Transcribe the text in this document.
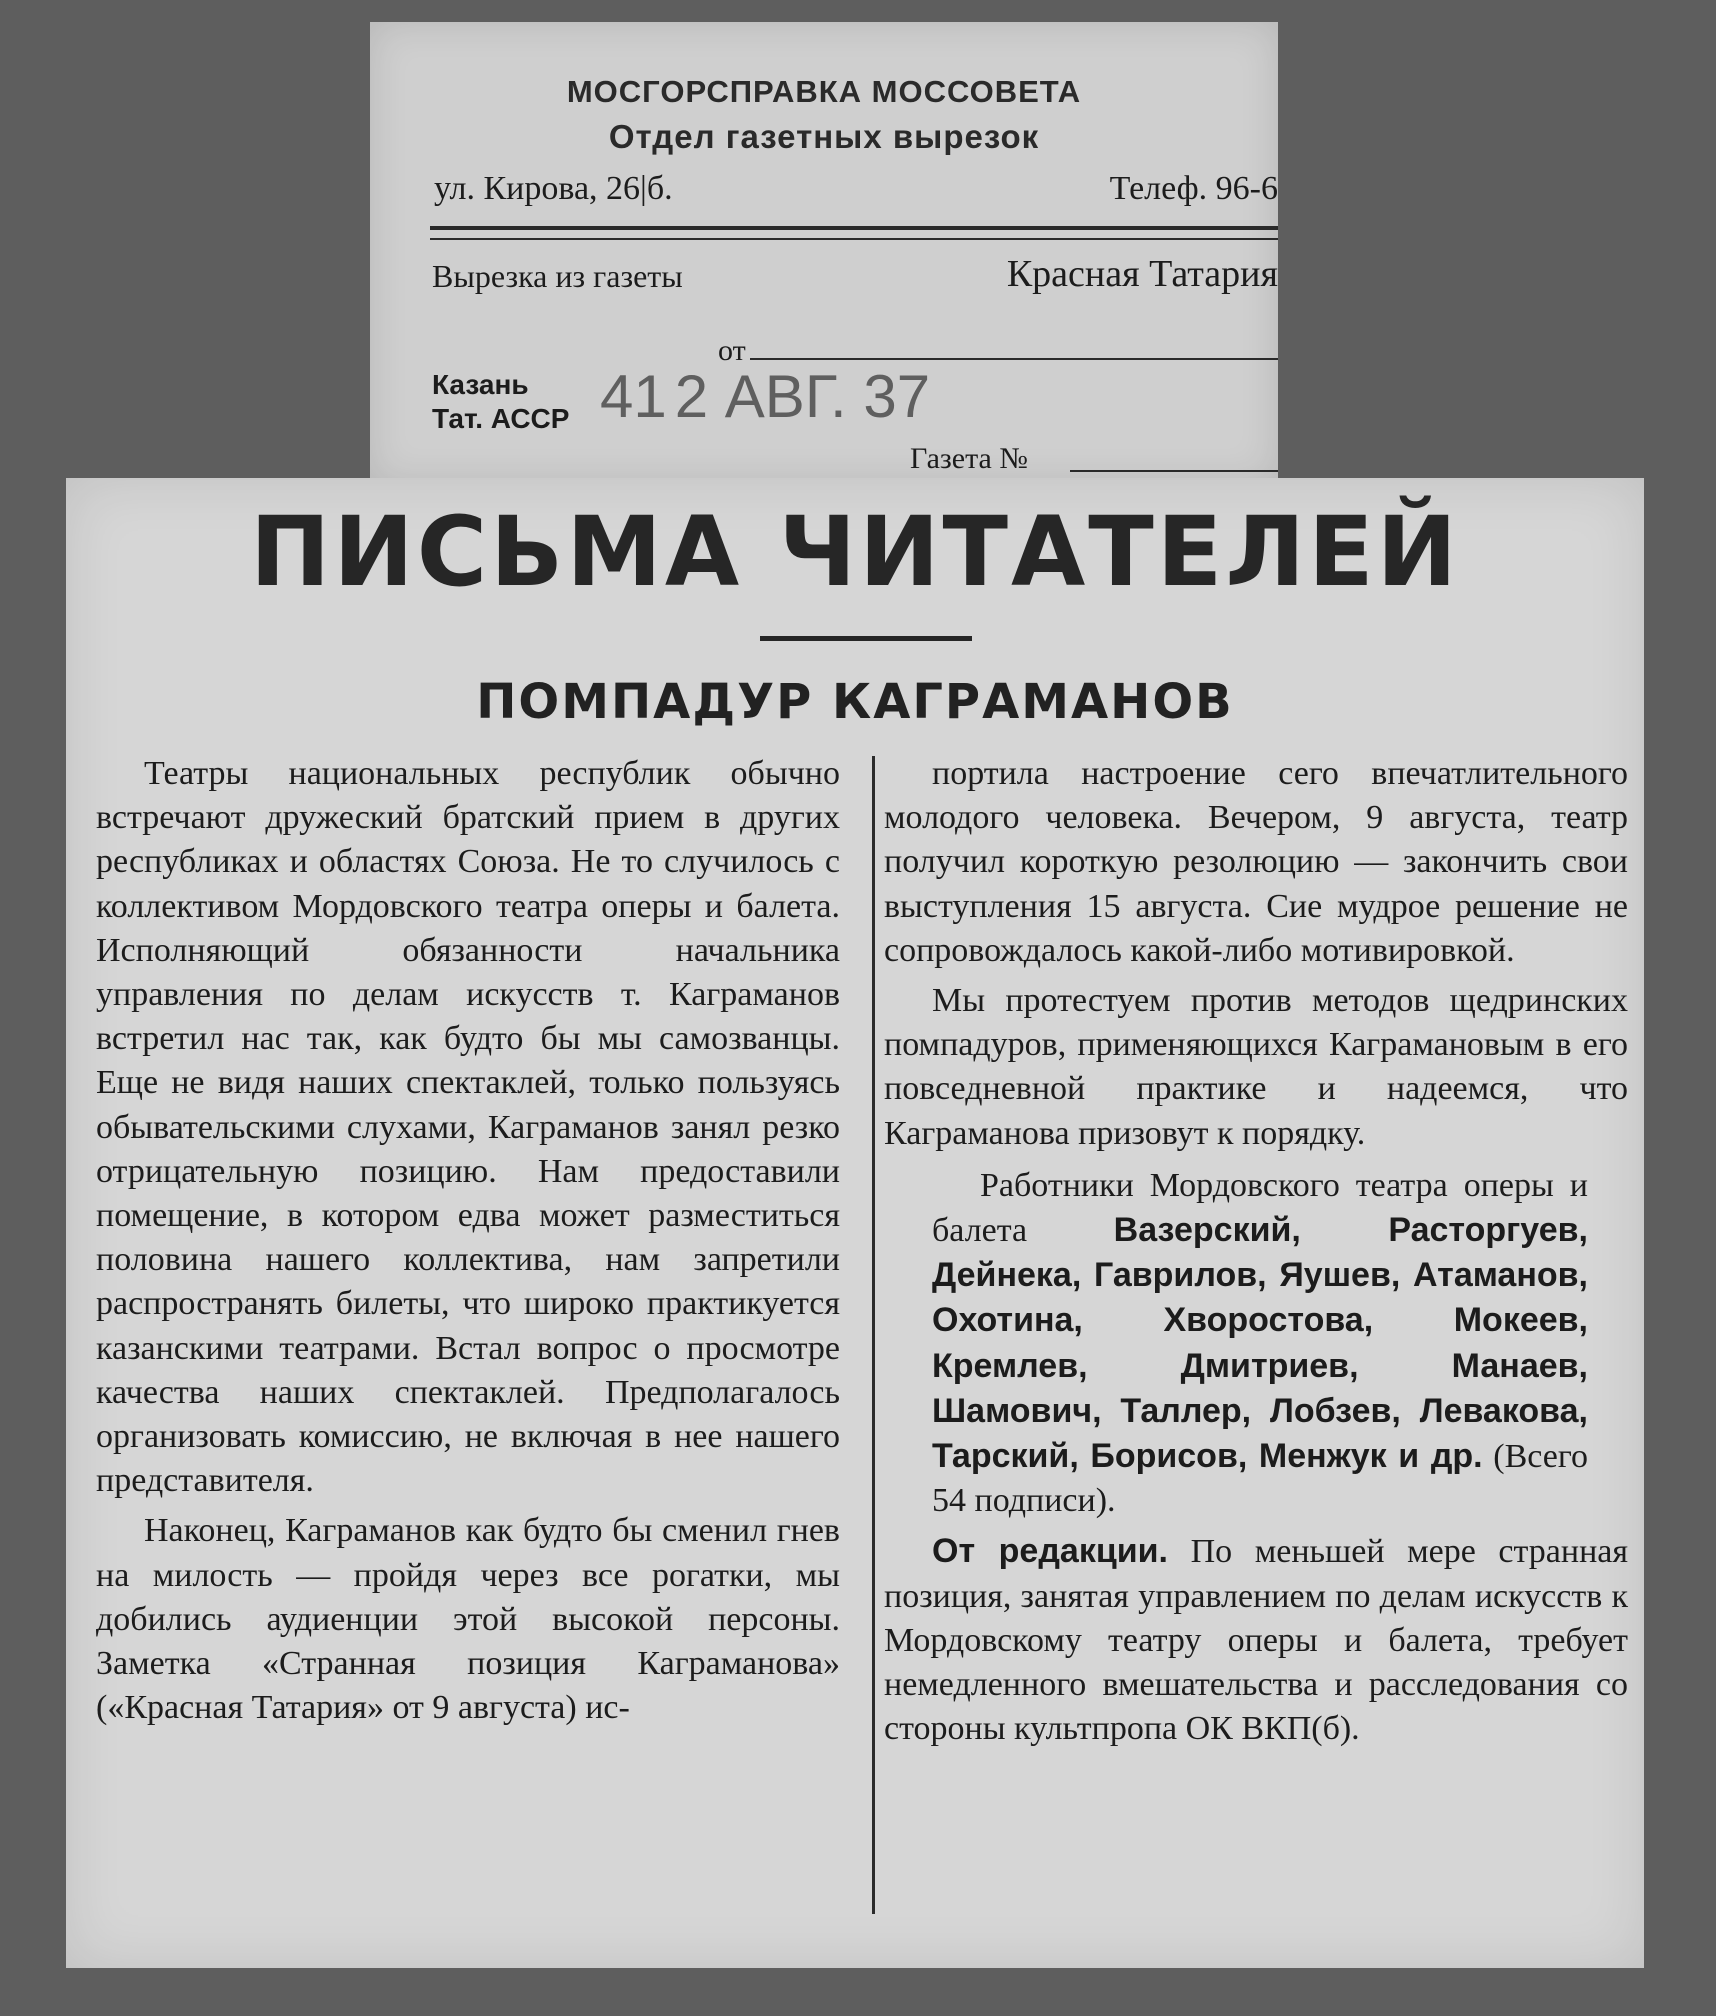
МОСГОРСПРАВКА МОССОВЕТА
Отдел газетных вырезок
ул. Кирова, 26|б.	Телеф. 96-6
Вырезка из газеты	Красная Татария
от
Казань
Тат. АССР 41 2 АВГ. 37
Газета №
ПИСЬМА ЧИТАТЕЛЕЙ
ПОМПАДУР КАГРАМАНОВ

Театры национальных республик обычно встречают дружеский братский прием в других республиках и областях Союза. Не то случилось с коллективом Мордовского театра оперы и балета. Исполняющий обязанности начальника управления по делам искусств т. Каграманов встретил нас так, как будто бы мы самозванцы. Еще не видя наших спектаклей, только пользуясь обывательскими слухами, Каграманов занял резко отрицательную позицию. Нам предоставили помещение, в котором едва может разместиться половина нашего коллектива, нам запретили распространять билеты, что широко практикуется казанскими театрами. Встал вопрос о просмотре качества наших спектаклей. Предполагалось организовать комиссию, не включая в нее нашего представителя.

Наконец, Каграманов как будто бы сменил гнев на милость — пройдя через все рогатки, мы добились аудиенции этой высокой персоны. Заметка «Странная позиция Каграманова» («Красная Татария» от 9 августа) ис-

портила настроение сего впечатлительного молодого человека. Вечером, 9 августа, театр получил короткую резолюцию — закончить свои выступления 15 августа. Сие мудрое решение не сопровождалось какой-либо мотивировкой.

Мы протестуем против методов щедринских помпадуров, применяющихся Каграмановым в его повседневной практике и надеемся, что Каграманова призовут к порядку.

Работники Мордовского театра оперы и балета	Вазерский, Расторгуев, Дейнека, Гаврилов, Яушев, Атаманов, Охотина, Хворостова, Мокеев, Кремлев, Дмитриев, Манаев, Шамович, Таллер, Лобзев, Левакова, Тарский, Борисов, Менжук и др. (Всего 54 подписи).

От редакции. По меньшей мере странная позиция, занятая управлением по делам искусств к Мордовскому театру оперы и балета, требует немедленного вмешательства и расследования со стороны культпропа ОК ВКП(б).
